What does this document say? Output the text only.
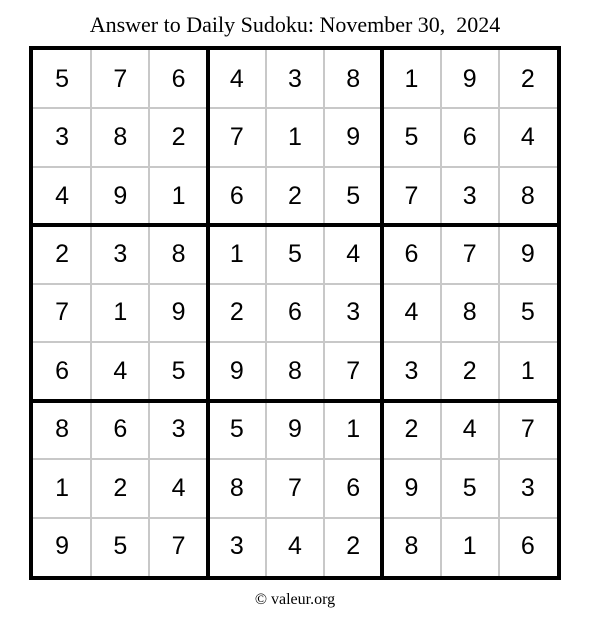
Answer to Daily Sudoku: November 30,  2024
5	7	6	4	3	8	1	9	2
3	8	2	7	1	9	5	6	4
4	9	1	6	2	5	7	3	8
2	3	8	1	5	4	6	7	9
7	1	9	2	6	3	4	8	5
6	4	5	9	8	7	3	2	1
8	6	3	5	9	1	2	4	7
1	2	4	8	7	6	9	5	3
9	5	7	3	4	2	8	1	6
© valeur.org
